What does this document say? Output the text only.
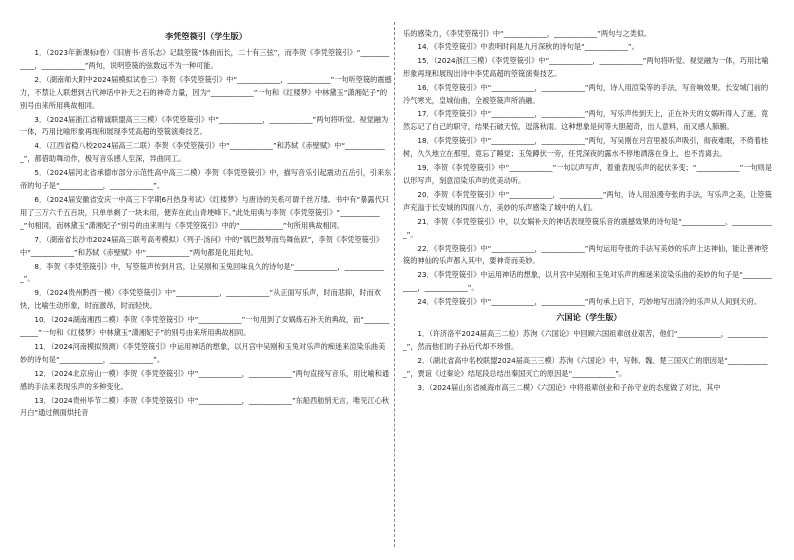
李凭箜篌引（学生版）

1．（2023年新课标Ⅰ卷）《旧唐书·音乐志》记载箜篌“体曲而长，二十有三弦”，而李贺《李凭箜篌引》“____________，____________”两句，说明箜篌的弦数远不为一种可能。

2．（湖南师大附中2024届模拟试卷三）李贺《李凭箜篌引》中“____________，____________”一句听箜篌的震撼力，不禁让人联想到古代神话中补天之石的神奇力量，因为“____________”一句和《红楼梦》中林黛玉“潇湘妃子”的别号由来所用典故相同。

3．（2024届浙江省精诚联盟高三三模）《李凭箜篌引》中“____________，____________”两句将听觉、视觉融为一体，巧用比喻形象再现和展现李凭高超的箜篌演奏技艺。

4．（江西省稳八校2024届高三二联）李贺《李凭箜篌引》中“____________”和苏轼《赤壁赋》中“____________”，都借助舞动作，极写音乐感人至深，异曲同工。

5．（2024届河北省承德市部分示范性高中高三二模）李贺《李凭箜篌引》中，描写音乐引起震动五岳引，引来东帝的句子是“____________，____________”。

6．（2024届安徽省安庆一中高三下学期6月热身考试）《红楼梦》与唐诗的关系可谓千丝万缕。书中有“暴露代只用了三万六千五百块，只单单剩了一块未用，便弃在此山青埂峰下。”此处用典与李贺《李凭箜篌引》“____________”句相同，而林黛玉“潇湘妃子”别号的由来则与《李凭箜篌引》中的“____________”句所用典故相同。

7．（湖南省长沙市2024届高三联考高考模拟）《列子·汤问》中的“瓠巴鼓琴而鸟舞鱼跃”，李贺《李凭箜篌引》中“____________”和苏轼《赤壁赋》中“____________”两句都是化用此句。

8．李贺《李凭箜篌引》中，写箜篌声传到月宫，让吴刚和玉兔回味良久的诗句是“____________，____________”。

9．（2024贵州黔西一模）《李凭箜篌引》中“____________，____________”从正面写乐声，时而悲抑，时而欢快，比喻生动形象，时而激昂，时而轻快。

10．（2024湖南湘西二模）李贺《李凭箜篌引》中“____________”一句用到了女娲炼石补天的典故，而“____________”一句和《红楼梦》中林黛玉“潇湘妃子”的别号由来所用典故相同。

11．（2024河南模拟预测）《李凭箜篌引》中运用神话的想象，以月宫中吴刚和玉兔对乐声的痴迷来渲染乐曲美妙的诗句是“____________，____________”。

12．（2024北京房山一模）李贺《李凭箜篌引》中“____________，____________”两句直接写音乐，用比喻和通感的手法来表现乐声的多种变化。

13．（2024贵州毕节二模）李贺《李凭箜篌引》中“____________，____________”东船西舫悄无言，唯见江心秋月白”通过侧面烘托音

乐的感染力，《李凭箜篌引》中“____________，____________”两句与之类似。

14．《李凭箜篌引》中表明时间是九月深秋的诗句是“____________”。

15．（2024浙江三模）《李凭箜篌引》中“____________，____________”两句将听觉、视觉融为一体，巧用比喻形象再现和展现出诗中李凭高超的箜篌演奏技艺。

16．《李凭箜篌引》中“____________，____________”两句，诗人用渲染等的手法，写音响效果。长安城门前的冷气寒光，皇城仙曲，全被箜篌声所消融。

17．《李凭箜篌引》中“____________，____________”两句，写乐声传到天上，正在补天的女娲听得入了迷，竟然忘记了自己的职守，结果石破天惊，逗落秋雨。这种想象是何等大胆超奇，出人意料，而又感人肺腑。

18．《李凭箜篌引》中“____________，____________”两句，写吴刚在月宫里被乐声吸引，彻夜难眠，不倚着桂树，久久地立在那里，竟忘了睡觉；玉兔蹲伏一旁，任凭深夜的露水不停地洒落在身上，也不肯离去。

19．李贺《李凭箜篌引》中“____________”一句以声写声，着重表现乐声的起伏多变；“____________”一句则是以形写声，刻意渲染乐声的优美动听。

20．李贺《李凭箜篌引》中“____________，____________”两句，诗人用浪漫夸张的手法，写乐声之美，让箜篌声充溢于长安城的四面八方，美妙的乐声感染了城中的人们。

21．李贺《李凭箜篌引》中，以女娲补天的神话表现箜篌乐音的震撼效果的诗句是“____________，____________”。

22．《李凭箜篌引》中“____________，____________”两句运用夸张的手法写美妙的乐声上达神仙，能让善神箜篌的神仙的乐声都入其中，要神奇而美妙。

23．《李凭箜篌引》中运用神话的想象，以月宫中吴刚和玉兔对乐声的痴迷来渲染乐曲的美妙的句子是“____________，____________”。

24．《李凭箜篌引》中“____________，____________”两句承上启下，巧妙地写出清冷的乐声从人间到天府。

六国论（学生版）

1．（许济洛平2024届高三二检）苏洵《六国论》中回顾六国祖辈创业艰苦，他们“____________，____________”，然而他们的子孙后代却不珍惜。

2．（湖北省高中名校联盟2024届高三三模）苏洵《六国论》中，写韩、魏、楚三国灭亡的原因是“____________”，贾谊《过秦论》结尾段总结出秦国灭亡的原因是“____________”。

3．（2024届山东省威海市高三二模）《六国论》中将祖辈创业和子孙守业的态度做了对比，其中
